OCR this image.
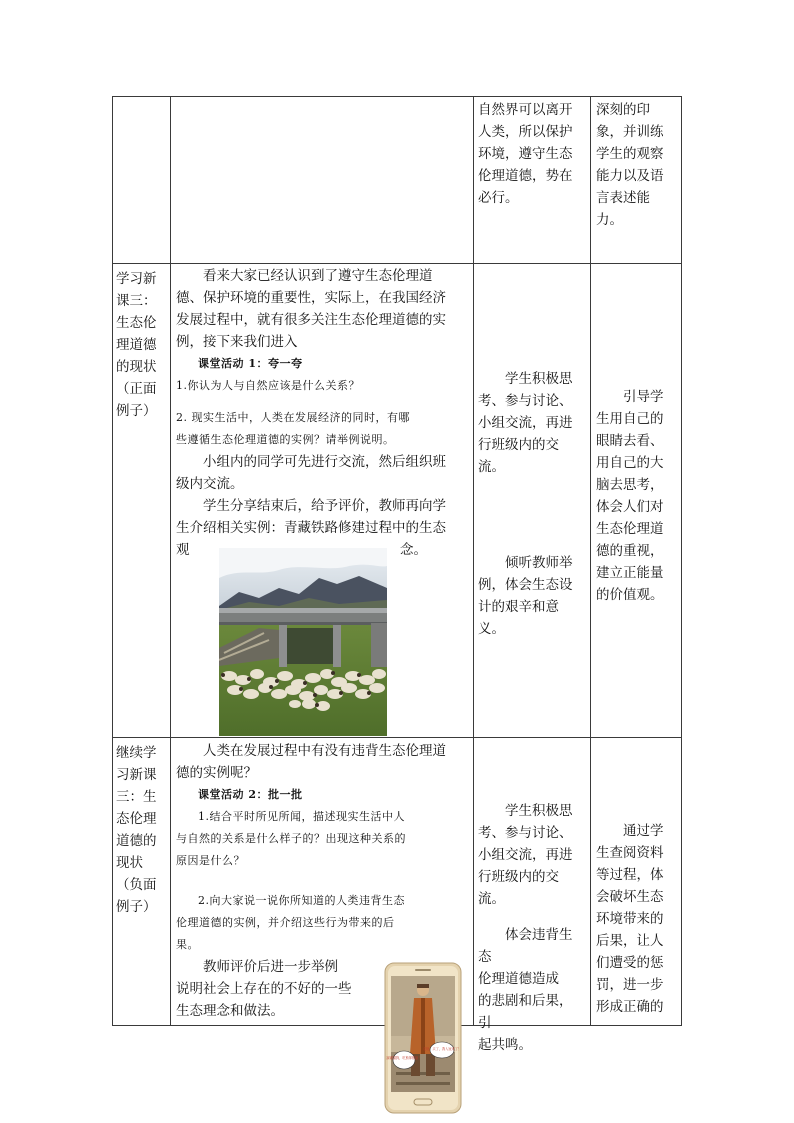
自然界可以离开

人类，所以保护

环境，遵守生态

伦理道德，势在

必行。

深刻的印

象，并训练

学生的观察

能力以及语

言表述能

力。

学习新

课三：

生态伦

理道德

的现状

（正面

例子）

看来大家已经认识到了遵守生态伦理道

德、保护环境的重要性，实际上，在我国经济

发展过程中，就有很多关注生态伦理道德的实

例，接下来我们进入

课堂活动 1：夸一夸

1.你认为人与自然应该是什么关系？

2. 现实生活中，人类在发展经济的同时，有哪

些遵循生态伦理道德的实例？请举例说明。

小组内的同学可先进行交流，然后组织班

级内交流。

学生分享结束后，给予评价，教师再向学

生介绍相关实例：青藏铁路修建过程中的生态

观	念。

学生积极思

考、参与讨论、

小组交流，再进

行班级内的交

流。

倾听教师举

例，体会生态设

计的艰辛和意

义。

引导学

生用自己的

眼睛去看、

用自己的大

脑去思考，

体会人们对

生态伦理道

德的重视，

建立正能量

的价值观。

继续学

习新课

三：生

态伦理

道德的

现状

（负面

例子）

人类在发展过程中有没有违背生态伦理道

德的实例呢？

课堂活动 2：批一批

1.结合平时所见所闻，描述现实生活中人

与自然的关系是什么样子的？出现这种关系的

原因是什么？

2.向大家说一说你所知道的人类违背生态

伦理道德的实例，并介绍这些行为带来的后

果。

教师评价后进一步举例

说明社会上存在的不好的一些

生态理念和做法。

学生积极思

考、参与讨论、

小组交流，再进

行班级内的交

流。

体会违背生态

伦理道德造成

的悲剧和后果，引

起共鸣。

通过学

生查阅资料

等过程，体

会破坏生态

环境带来的

后果，让人

们遭受的惩

罚，进一步

形成正确的

踩碾猫狗，吃熊掌猴脑！
走呀，买了，我入冠来了！
